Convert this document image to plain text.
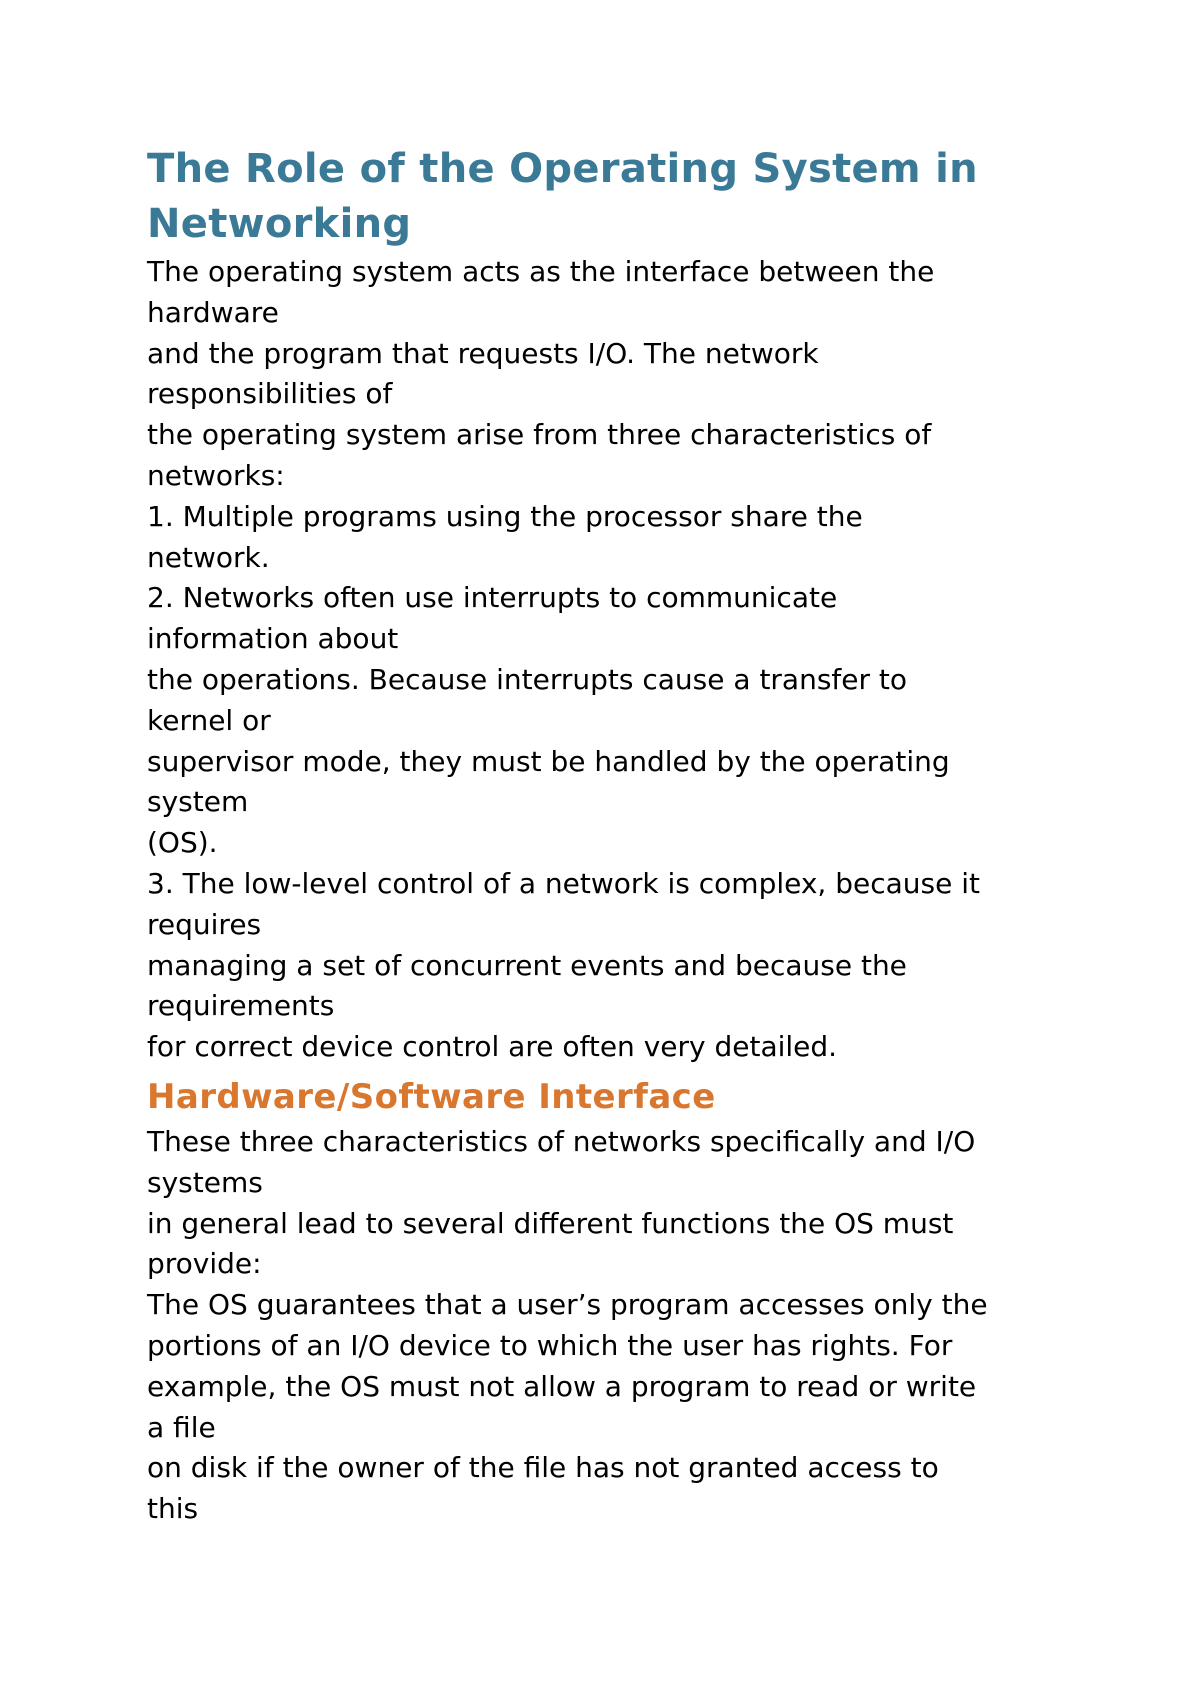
The Role of the Operating System in
Networking
The operating system acts as the interface between the
hardware
and the program that requests I/O. The network
responsibilities of
the operating system arise from three characteristics of
networks:
1. Multiple programs using the processor share the
network.
2. Networks often use interrupts to communicate
information about
the operations. Because interrupts cause a transfer to
kernel or
supervisor mode, they must be handled by the operating
system
(OS).
3. The low-level control of a network is complex, because it
requires
managing a set of concurrent events and because the
requirements
for correct device control are often very detailed.
Hardware/Software Interface
These three characteristics of networks specifically and I/O
systems
in general lead to several different functions the OS must
provide:
The OS guarantees that a user’s program accesses only the
portions of an I/O device to which the user has rights. For
example, the OS must not allow a program to read or write
a file
on disk if the owner of the file has not granted access to
this
